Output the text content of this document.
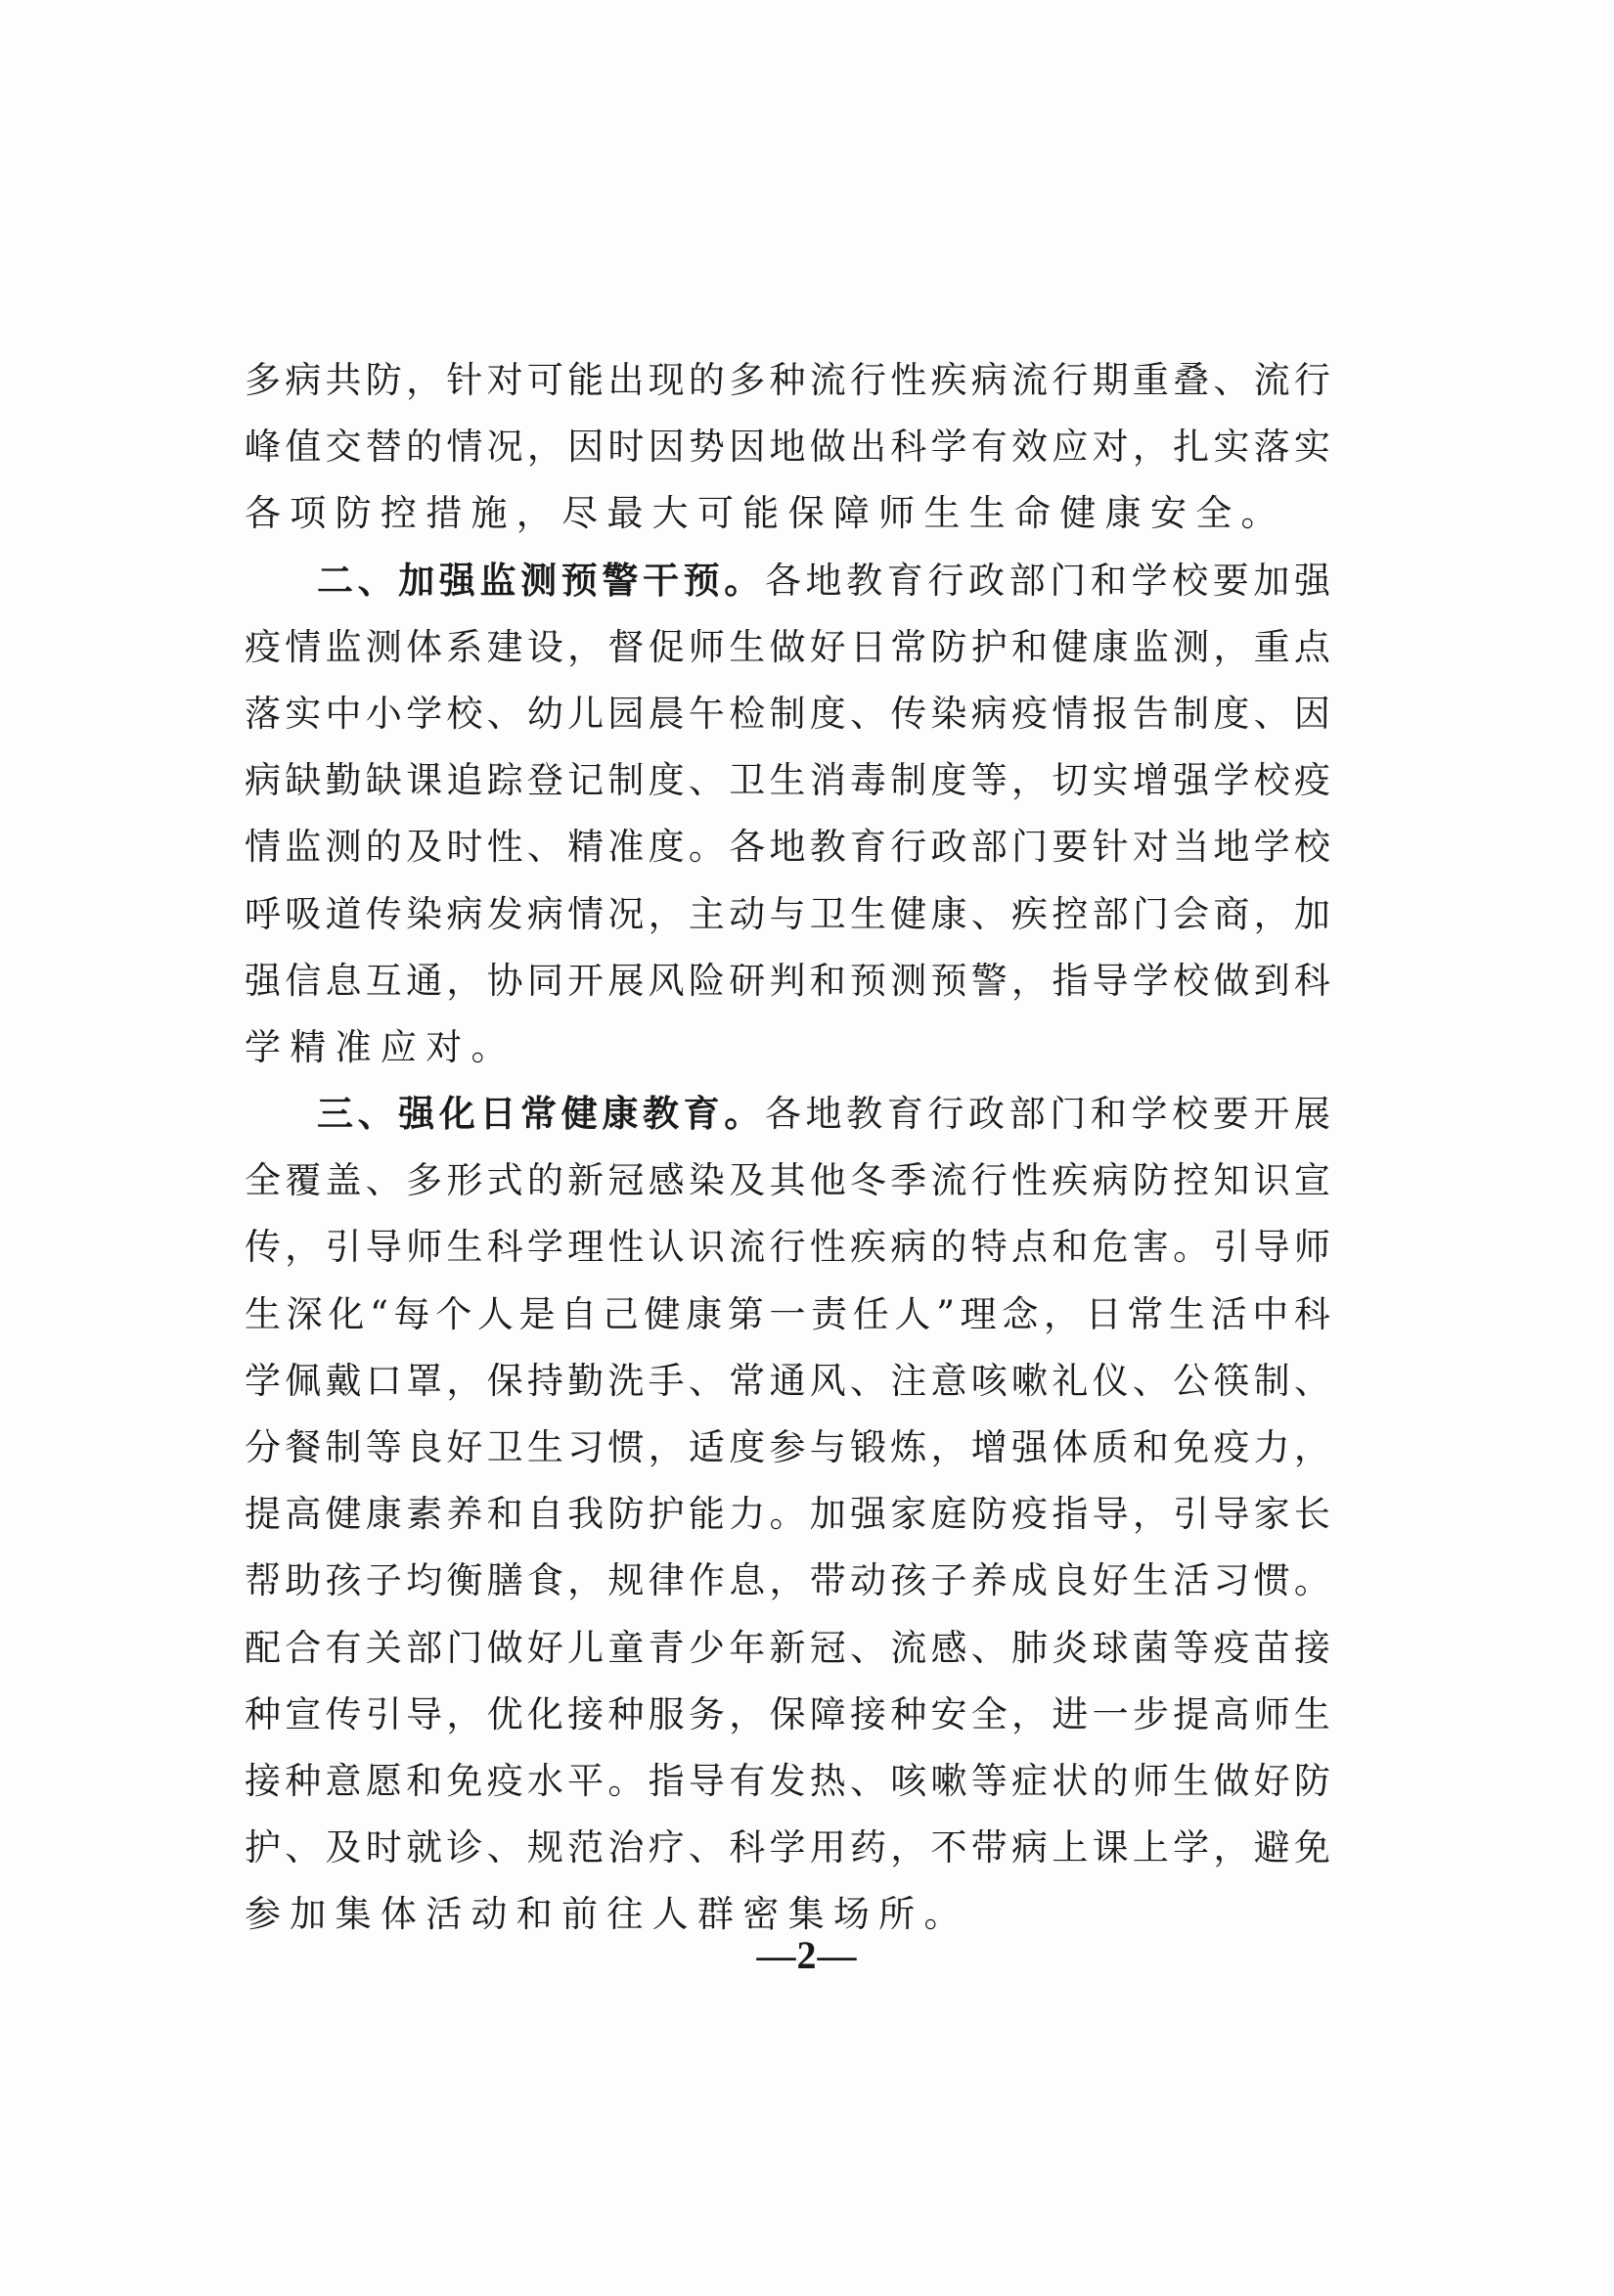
多 病 共 防 ， 针 对 可 能 出 现 的 多 种 流 行 性 疾 病 流 行 期 重 叠 、 流 行
峰 值 交 替 的 情 况 ， 因 时 因 势 因 地 做 出 科 学 有 效 应 对 ， 扎 实 落 实
各 项 防 控 措 施 ， 尽 最 大 可 能 保 障 师 生 生 命 健 康 安 全 。
二 、 加 强 监 测 预 警 干 预 。 各 地 教 育 行 政 部 门 和 学 校 要 加 强
疫 情 监 测 体 系 建 设 ， 督 促 师 生 做 好 日 常 防 护 和 健 康 监 测 ， 重 点
落 实 中 小 学 校 、 幼 儿 园 晨 午 检 制 度 、 传 染 病 疫 情 报 告 制 度 、 因
病 缺 勤 缺 课 追 踪 登 记 制 度 、 卫 生 消 毒 制 度 等 ， 切 实 增 强 学 校 疫
情 监 测 的 及 时 性 、 精 准 度 。 各 地 教 育 行 政 部 门 要 针 对 当 地 学 校
呼 吸 道 传 染 病 发 病 情 况 ， 主 动 与 卫 生 健 康 、 疾 控 部 门 会 商 ， 加
强 信 息 互 通 ， 协 同 开 展 风 险 研 判 和 预 测 预 警 ， 指 导 学 校 做 到 科
学 精 准 应 对 。
三 、 强 化 日 常 健 康 教 育 。 各 地 教 育 行 政 部 门 和 学 校 要 开 展
全 覆 盖 、 多 形 式 的 新 冠 感 染 及 其 他 冬 季 流 行 性 疾 病 防 控 知 识 宣
传 ， 引 导 师 生 科 学 理 性 认 识 流 行 性 疾 病 的 特 点 和 危 害 。 引 导 师
生 深 化 “ 每 个 人 是 自 己 健 康 第 一 责 任 人 ” 理 念 ， 日 常 生 活 中 科
学 佩 戴 口 罩 ， 保 持 勤 洗 手 、 常 通 风 、 注 意 咳 嗽 礼 仪 、 公 筷 制 、
分 餐 制 等 良 好 卫 生 习 惯 ， 适 度 参 与 锻 炼 ， 增 强 体 质 和 免 疫 力 ，
提 高 健 康 素 养 和 自 我 防 护 能 力 。 加 强 家 庭 防 疫 指 导 ， 引 导 家 长
帮 助 孩 子 均 衡 膳 食 ， 规 律 作 息 ， 带 动 孩 子 养 成 良 好 生 活 习 惯 。
配 合 有 关 部 门 做 好 儿 童 青 少 年 新 冠 、 流 感 、 肺 炎 球 菌 等 疫 苗 接
种 宣 传 引 导 ， 优 化 接 种 服 务 ， 保 障 接 种 安 全 ， 进 一 步 提 高 师 生
接 种 意 愿 和 免 疫 水 平 。 指 导 有 发 热 、 咳 嗽 等 症 状 的 师 生 做 好 防
护 、 及 时 就 诊 、 规 范 治 疗 、 科 学 用 药 ， 不 带 病 上 课 上 学 ， 避 免
参 加 集 体 活 动 和 前 往 人 群 密 集 场 所 。
—2—
